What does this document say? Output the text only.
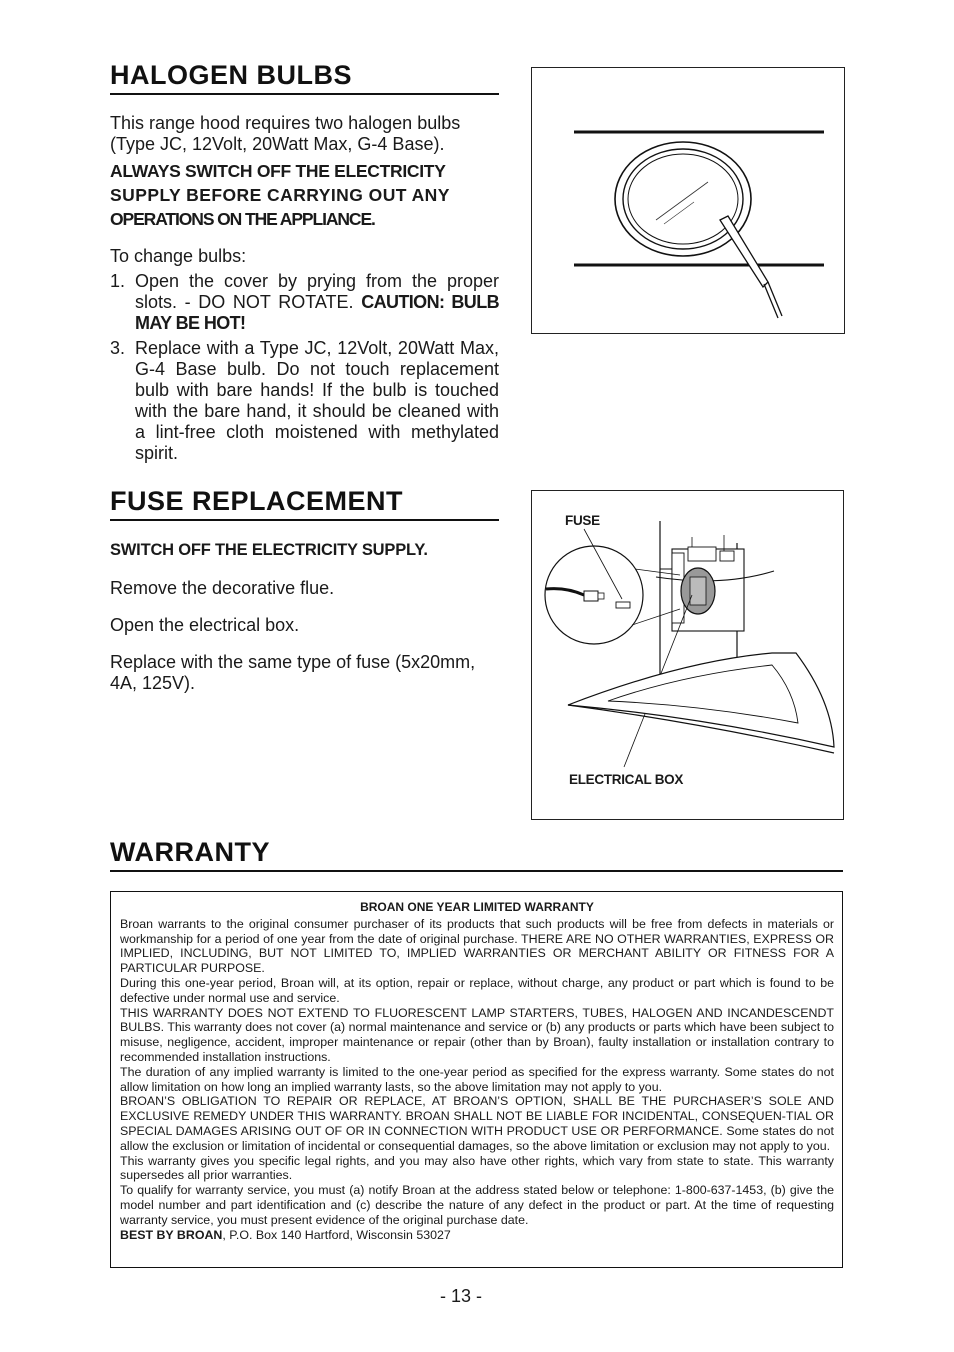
HALOGEN BULBS

This range hood requires two halogen bulbs (Type JC, 12Volt, 20Watt Max, G-4 Base).

ALWAYS SWITCH OFF THE ELECTRICITY
SUPPLY BEFORE CARRYING OUT ANY
OPERATIONS ON THE APPLIANCE.

To change bulbs:

1. Open the cover by prying from the proper slots. - DO NOT ROTATE. CAUTION: BULB MAY BE HOT!
3. Replace with a Type JC, 12Volt, 20Watt Max, G-4 Base bulb. Do not touch replacement bulb with bare hands! If the bulb is touched with the bare hand, it should be cleaned with a lint-free cloth moistened with methylated spirit.
FUSE REPLACEMENT
SWITCH OFF THE ELECTRICITY SUPPLY.

Remove the decorative flue.

Open the electrical box.

Replace with the same type of fuse (5x20mm, 4A, 125V).

FUSE
ELECTRICAL BOX
WARRANTY

BROAN ONE YEAR LIMITED WARRANTY

Broan warrants to the original consumer purchaser of its products that such products will be free from defects in materials or workmanship for a period of one year from the date of original purchase. THERE ARE NO OTHER WARRANTIES, EXPRESS OR IMPLIED, INCLUDING, BUT NOT LIMITED TO, IMPLIED WARRANTIES OR MERCHANT ABILITY OR FITNESS FOR A PARTICULAR PURPOSE.

During this one-year period, Broan will, at its option, repair or replace, without charge, any product or part which is found to be defective under normal use and service.

THIS WARRANTY DOES NOT EXTEND TO FLUORESCENT LAMP STARTERS, TUBES, HALOGEN AND INCANDESCENDT BULBS. This warranty does not cover (a) normal maintenance and service or (b) any products or parts which have been subject to misuse, negligence, accident, improper maintenance or repair (other than by Broan), faulty installation or installation contrary to recommended installation instructions.

The duration of any implied warranty is limited to the one-year period as specified for the express warranty. Some states do not allow limitation on how long an implied warranty lasts, so the above limitation may not apply to you.

BROAN’S OBLIGATION TO REPAIR OR REPLACE, AT BROAN’S OPTION, SHALL BE THE PURCHASER’S SOLE AND EXCLUSIVE REMEDY UNDER THIS WARRANTY. BROAN SHALL NOT BE LIABLE FOR INCIDENTAL, CONSEQUEN-TIAL OR SPECIAL DAMAGES ARISING OUT OF OR IN CONNECTION WITH PRODUCT USE OR PERFORMANCE. Some states do not allow the exclusion or limitation of incidental or consequential damages, so the above limitation or exclusion may not apply to you.

This warranty gives you specific legal rights, and you may also have other rights, which vary from state to state. This warranty supersedes all prior warranties.

To qualify for warranty service, you must (a) notify Broan at the address stated below or telephone: 1-800-637-1453, (b) give the model number and part identification and (c) describe the nature of any defect in the product or part. At the time of requesting warranty service, you must present evidence of the original purchase date.

BEST BY BROAN, P.O. Box 140 Hartford, Wisconsin 53027

- 13 -
